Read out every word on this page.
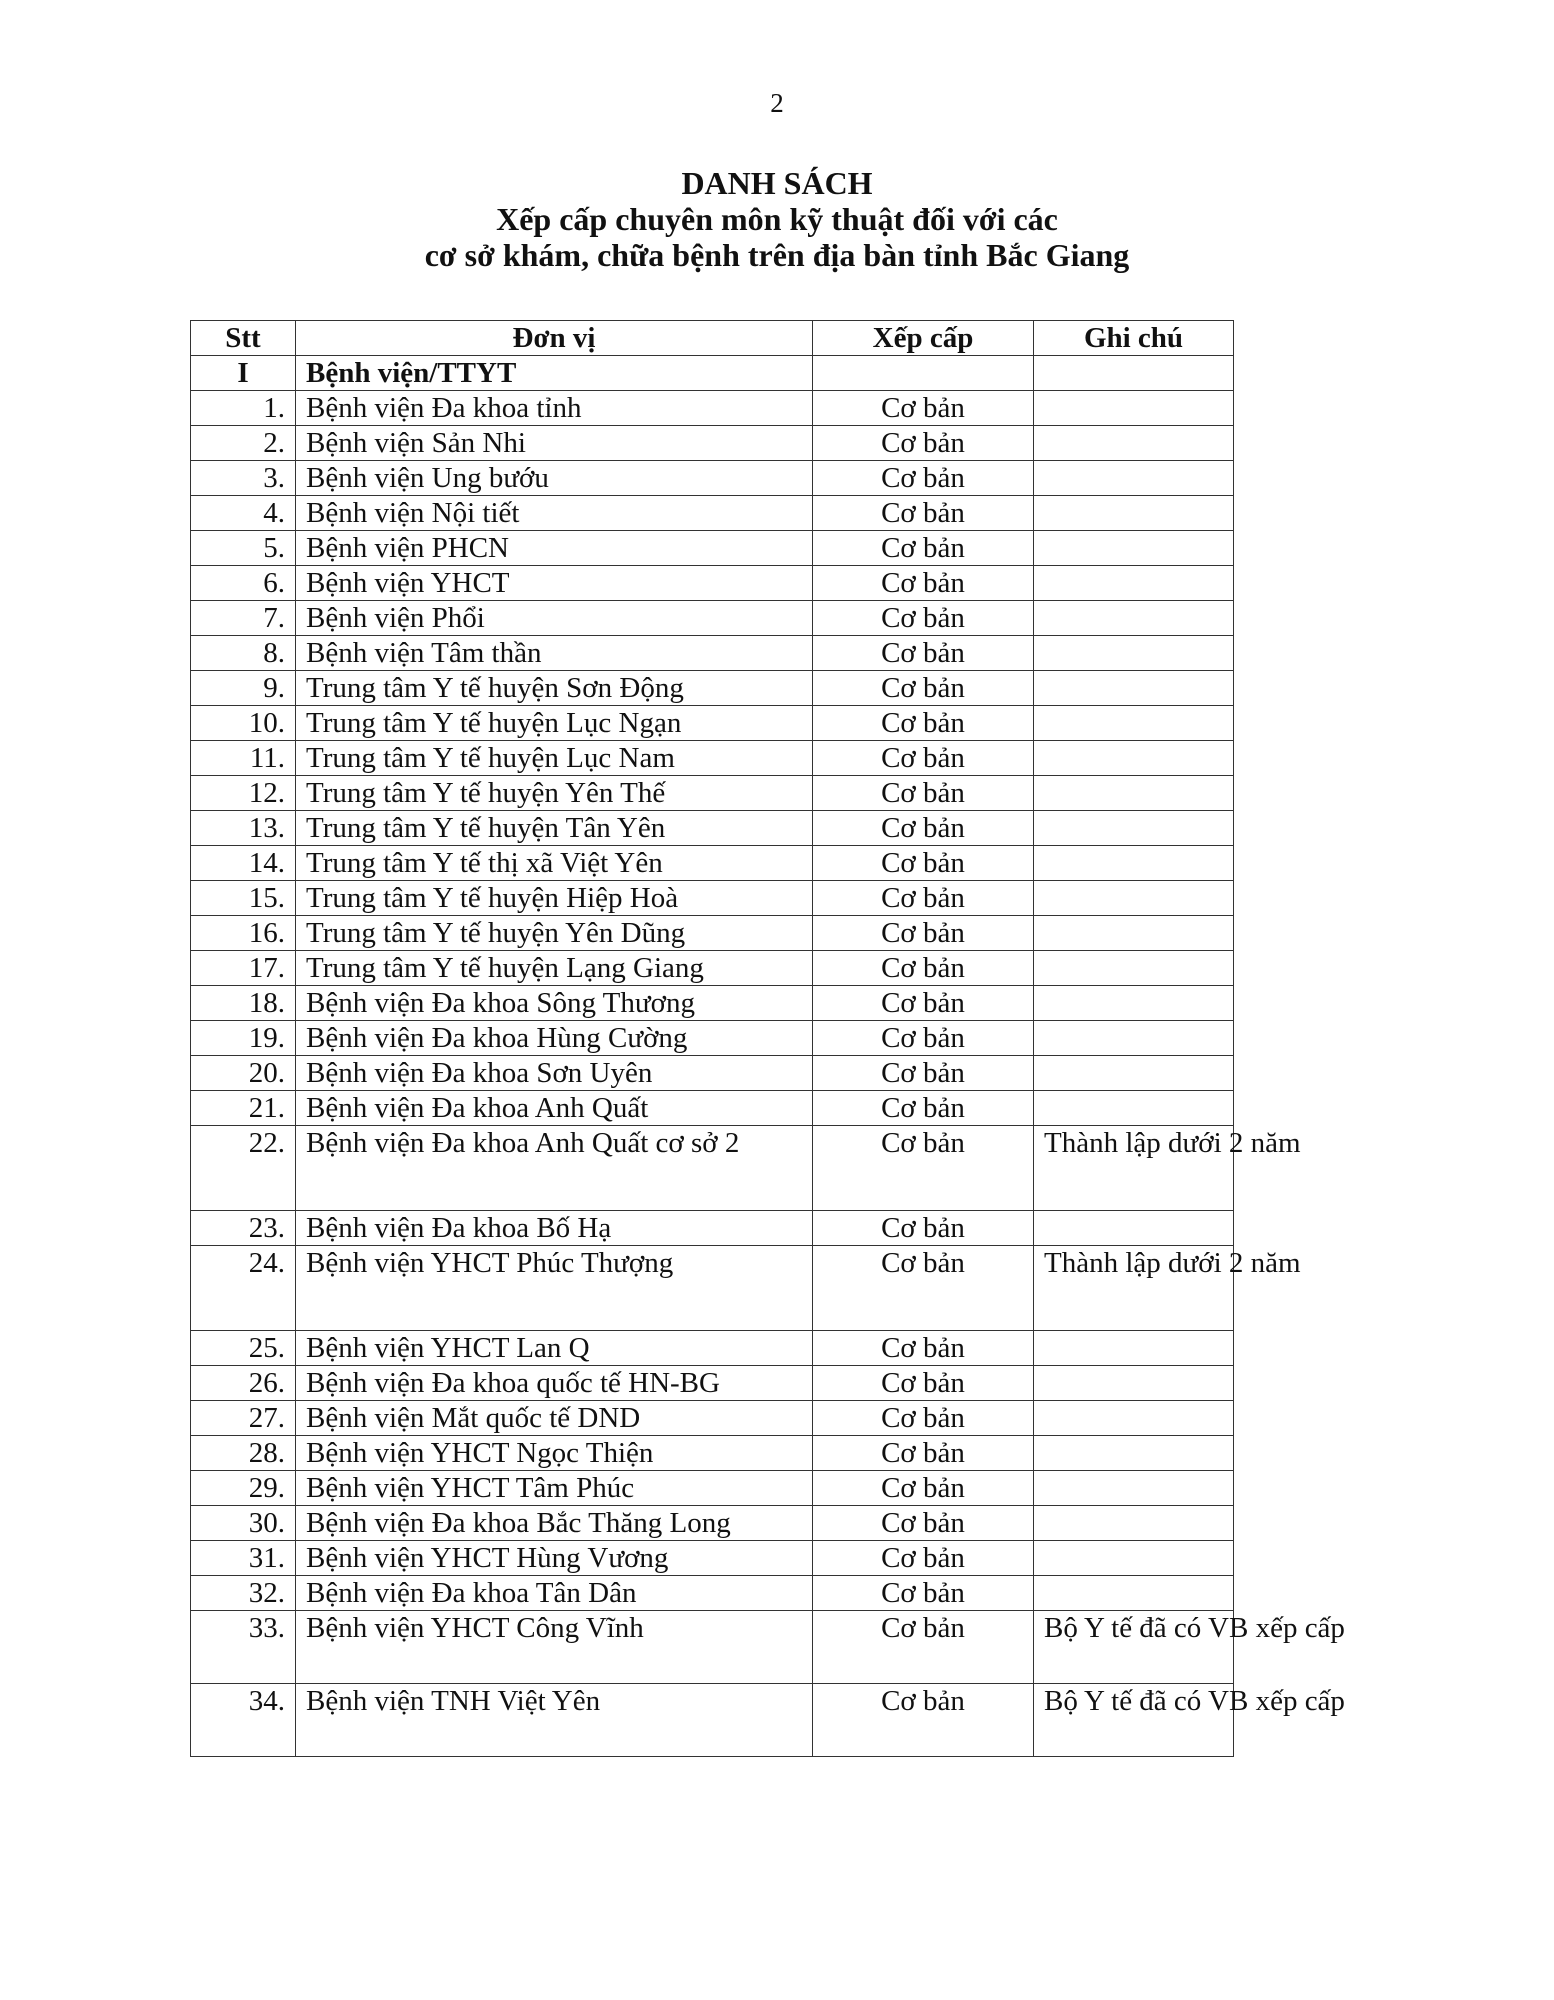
2
DANH SÁCH
Xếp cấp chuyên môn kỹ thuật đối với các
cơ sở khám, chữa bệnh trên địa bàn tỉnh Bắc Giang
Stt	Đơn vị	Xếp cấp	Ghi chú
I	Bệnh viện/TTYT		
1.	Bệnh viện Đa khoa tỉnh	Cơ bản	
2.	Bệnh viện Sản Nhi	Cơ bản	
3.	Bệnh viện Ung bướu	Cơ bản	
4.	Bệnh viện Nội tiết	Cơ bản	
5.	Bệnh viện PHCN	Cơ bản	
6.	Bệnh viện YHCT	Cơ bản	
7.	Bệnh viện Phổi	Cơ bản	
8.	Bệnh viện Tâm thần	Cơ bản	
9.	Trung tâm Y tế huyện Sơn Động	Cơ bản	
10.	Trung tâm Y tế huyện Lục Ngạn	Cơ bản	
11.	Trung tâm Y tế huyện Lục Nam	Cơ bản	
12.	Trung tâm Y tế huyện Yên Thế	Cơ bản	
13.	Trung tâm Y tế huyện Tân Yên	Cơ bản	
14.	Trung tâm Y tế thị xã Việt Yên	Cơ bản	
15.	Trung tâm Y tế huyện Hiệp Hoà	Cơ bản	
16.	Trung tâm Y tế huyện Yên Dũng	Cơ bản	
17.	Trung tâm Y tế huyện Lạng Giang	Cơ bản	
18.	Bệnh viện Đa khoa Sông Thương	Cơ bản	
19.	Bệnh viện Đa khoa Hùng Cường	Cơ bản	
20.	Bệnh viện Đa khoa Sơn Uyên	Cơ bản	
21.	Bệnh viện Đa khoa Anh Quất	Cơ bản	
22.	Bệnh viện Đa khoa Anh Quất cơ sở 2	Cơ bản	Thành lập dưới 2 năm
23.	Bệnh viện Đa khoa Bố Hạ	Cơ bản	
24.	Bệnh viện YHCT Phúc Thượng	Cơ bản	Thành lập dưới 2 năm
25.	Bệnh viện YHCT Lan Q	Cơ bản	
26.	Bệnh viện Đa khoa quốc tế HN-BG	Cơ bản	
27.	Bệnh viện Mắt quốc tế DND	Cơ bản	
28.	Bệnh viện YHCT Ngọc Thiện	Cơ bản	
29.	Bệnh viện YHCT Tâm Phúc	Cơ bản	
30.	Bệnh viện Đa khoa Bắc Thăng Long	Cơ bản	
31.	Bệnh viện YHCT Hùng Vương	Cơ bản	
32.	Bệnh viện Đa khoa Tân Dân	Cơ bản	
33.	Bệnh viện YHCT Công Vĩnh	Cơ bản	Bộ Y tế đã có VB xếp cấp
34.	Bệnh viện TNH Việt Yên	Cơ bản	Bộ Y tế đã có VB xếp cấp
